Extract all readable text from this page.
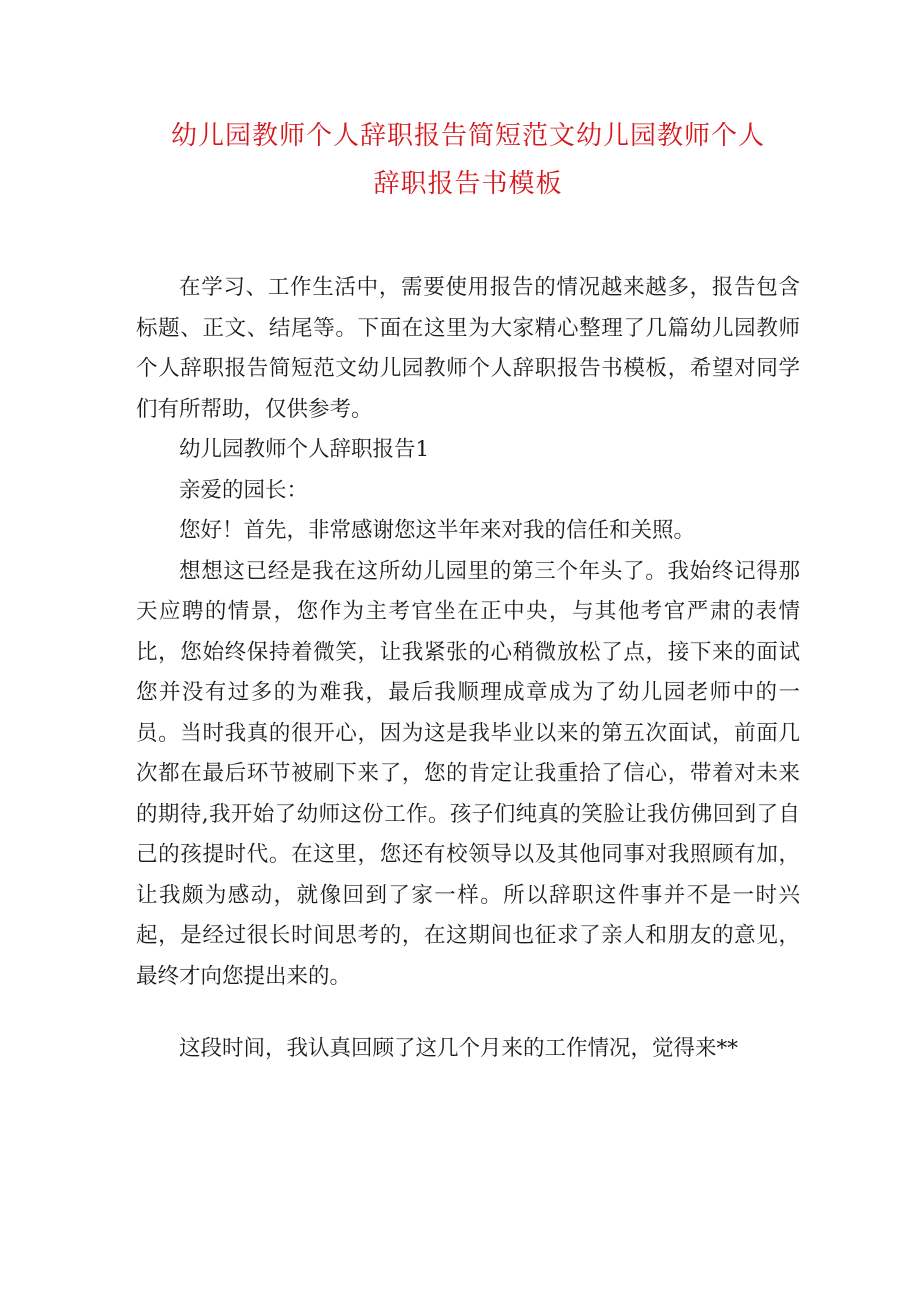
幼儿园教师个人辞职报告简短范文幼儿园教师个人
辞职报告书模板

在学习、工作生活中，需要使用报告的情况越来越多，报告包含标题、正文、结尾等。下面在这里为大家精心整理了几篇幼儿园教师个人辞职报告简短范文幼儿园教师个人辞职报告书模板，希望对同学们有所帮助，仅供参考。

幼儿园教师个人辞职报告1

亲爱的园长：

您好！首先，非常感谢您这半年来对我的信任和关照。

想想这已经是我在这所幼儿园里的第三个年头了。我始终记得那天应聘的情景，您作为主考官坐在正中央，与其他考官严肃的表情比，您始终保持着微笑，让我紧张的心稍微放松了点，接下来的面试您并没有过多的为难我，最后我顺理成章成为了幼儿园老师中的一员。当时我真的很开心，因为这是我毕业以来的第五次面试，前面几次都在最后环节被刷下来了，您的肯定让我重拾了信心，带着对未来的期待,我开始了幼师这份工作。孩子们纯真的笑脸让我仿佛回到了自己的孩提时代。在这里，您还有校领导以及其他同事对我照顾有加，让我颇为感动，就像回到了家一样。所以辞职这件事并不是一时兴起，是经过很长时间思考的，在这期间也征求了亲人和朋友的意见，最终才向您提出来的。

这段时间，我认真回顾了这几个月来的工作情况，觉得来**
